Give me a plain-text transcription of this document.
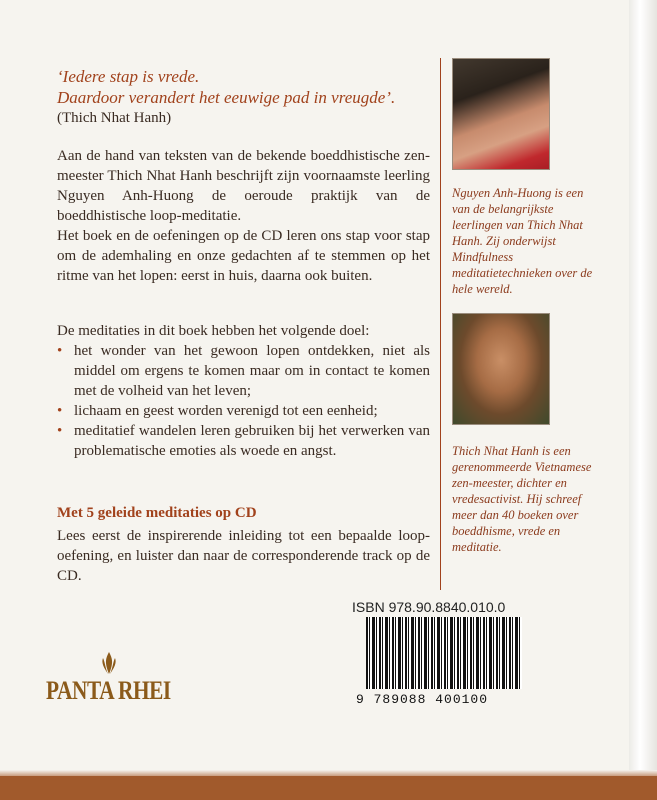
‘Iedere stap is vrede.
Daardoor verandert het eeuwige pad in vreugde’.
(Thich Nhat Hanh)
Aan de hand van teksten van de bekende boeddhistische zen-meester Thich Nhat Hanh beschrijft zijn voornaamste leerling Nguyen Anh-Huong de oeroude praktijk van de boeddhistische loop-meditatie.
Het boek en de oefeningen op de CD leren ons stap voor stap om de ademhaling en onze gedachten af te stemmen op het ritme van het lopen: eerst in huis, daarna ook buiten.
De meditaties in dit boek hebben het volgende doel:
• het wonder van het gewoon lopen ontdekken, niet als middel om ergens te komen maar om in contact te komen met de volheid van het leven;
• lichaam en geest worden verenigd tot een eenheid;
• meditatief wandelen leren gebruiken bij het verwerken van problematische emoties als woede en angst.
Met 5 geleide meditaties op CD
Lees eerst de inspirerende inleiding tot een bepaalde loop-oefening, en luister dan naar de corresponderende track op de CD.
Nguyen Anh-Huong is een van de belangrijkste leerlingen van Thich Nhat Hanh. Zij onderwijst Mindfulness meditatietechnieken over de hele wereld.
Thich Nhat Hanh is een gerenommeerde Vietnamese zen-meester, dichter en vredesactivist. Hij schreef meer dan 40 boeken over boeddhisme, vrede en meditatie.
ISBN 978.90.8840.010.0
9 789088 400100
PANTA RHEI
